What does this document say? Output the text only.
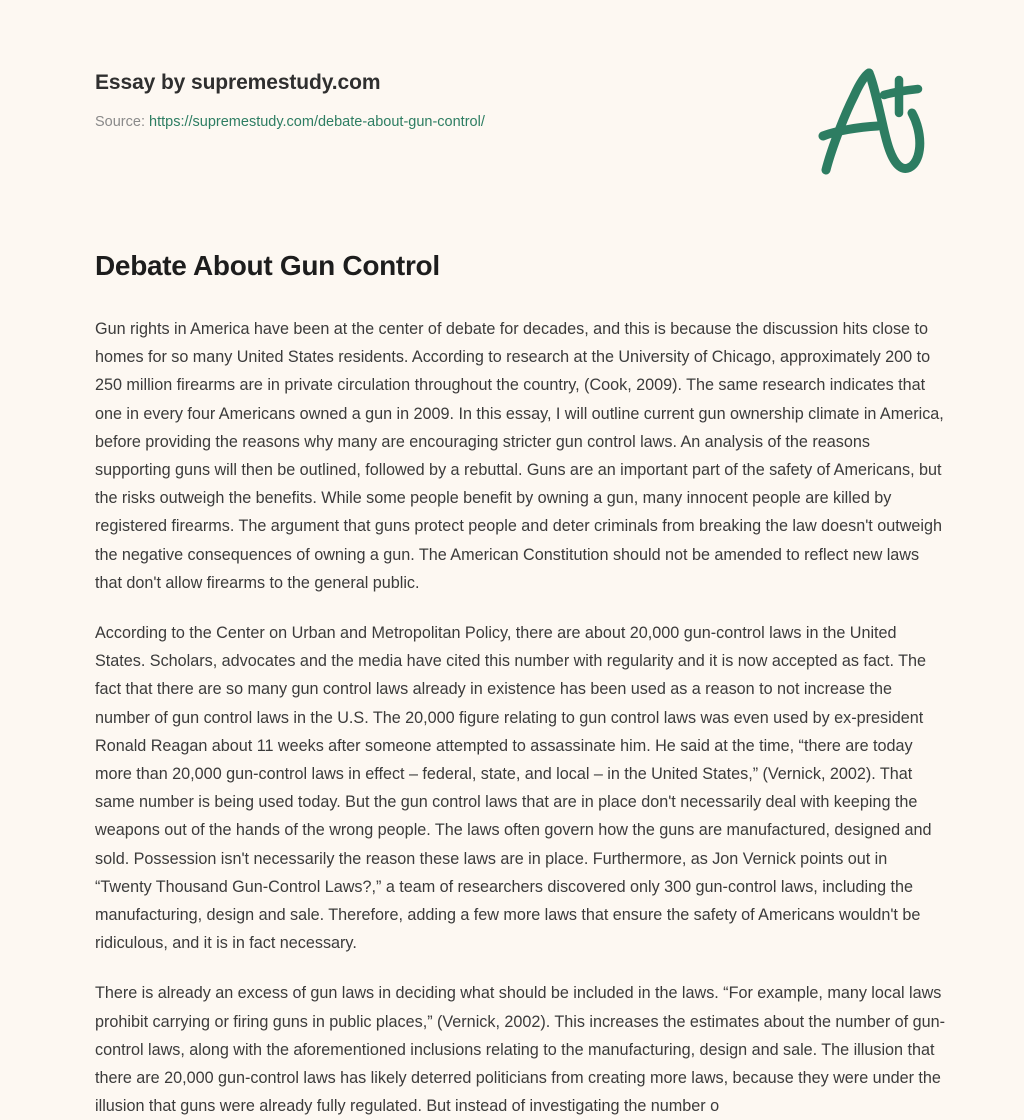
Essay by supremestudy.com
Source: https://supremestudy.com/debate-about-gun-control/
Debate About Gun Control

Gun rights in America have been at the center of debate for decades, and this is because the discussion hits close to homes for so many United States residents. According to research at the University of Chicago, approximately 200 to 250 million firearms are in private circulation throughout the country, (Cook, 2009). The same research indicates that one in every four Americans owned a gun in 2009. In this essay, I will outline current gun ownership climate in America, before providing the reasons why many are encouraging stricter gun control laws. An analysis of the reasons supporting guns will then be outlined, followed by a rebuttal. Guns are an important part of the safety of Americans, but the risks outweigh the benefits. While some people benefit by owning a gun, many innocent people are killed by registered firearms. The argument that guns protect people and deter criminals from breaking the law doesn't outweigh the negative consequences of owning a gun. The American Constitution should not be amended to reflect new laws that don't allow firearms to the general public.

According to the Center on Urban and Metropolitan Policy, there are about 20,000 gun-control laws in the United States. Scholars, advocates and the media have cited this number with regularity and it is now accepted as fact. The fact that there are so many gun control laws already in existence has been used as a reason to not increase the number of gun control laws in the U.S. The 20,000 figure relating to gun control laws was even used by ex-president Ronald Reagan about 11 weeks after someone attempted to assassinate him. He said at the time, “there are today more than 20,000 gun-control laws in effect – federal, state, and local – in the United States,” (Vernick, 2002). That same number is being used today. But the gun control laws that are in place don't necessarily deal with keeping the weapons out of the hands of the wrong people. The laws often govern how the guns are manufactured, designed and sold. Possession isn't necessarily the reason these laws are in place. Furthermore, as Jon Vernick points out in “Twenty Thousand Gun-Control Laws?,” a team of researchers discovered only 300 gun-control laws, including the manufacturing, design and sale. Therefore, adding a few more laws that ensure the safety of Americans wouldn't be ridiculous, and it is in fact necessary.

There is already an excess of gun laws in deciding what should be included in the laws. “For example, many local laws prohibit carrying or firing guns in public places,” (Vernick, 2002). This increases the estimates about the number of gun-control laws, along with the aforementioned inclusions relating to the manufacturing, design and sale. The illusion that there are 20,000 gun-control laws has likely deterred politicians from creating more laws, because they were under the illusion that guns were already fully regulated. But instead of investigating the number o
